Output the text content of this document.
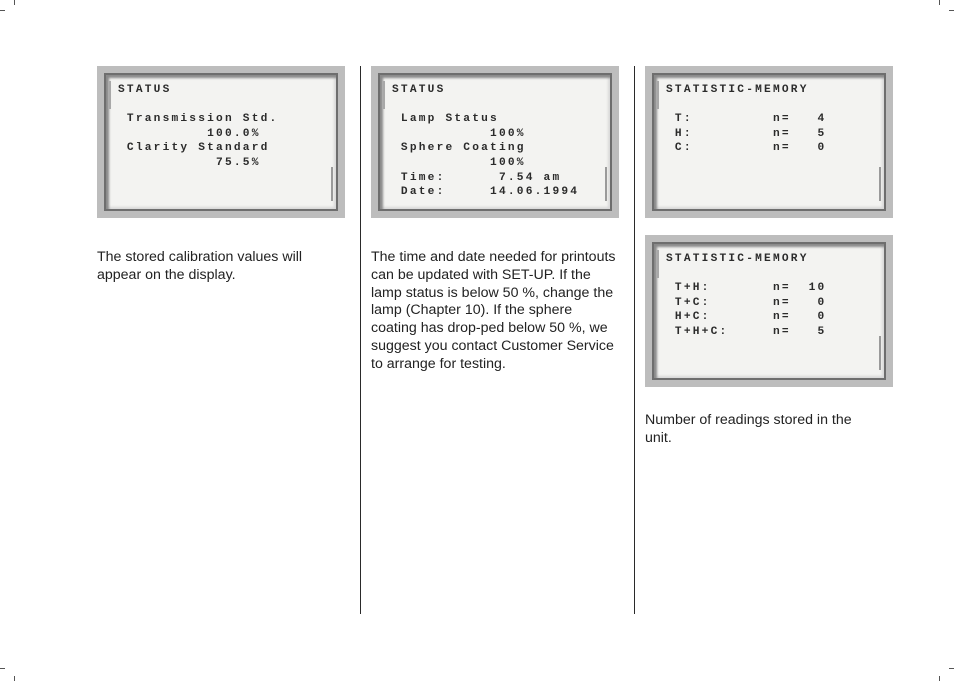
STATUS

Transmission Std.
100.0%
Clarity Standard
75.5%

The stored calibration values will appear on the display.

STATUS

Lamp Status
100%
Sphere Coating
100%
Time:      7.54 am
Date:     14.06.1994

The time and date needed for printouts can be updated with SET-UP. If the lamp status is below 50 %, change the lamp (Chapter 10). If the sphere coating has drop-ped below 50 %, we suggest you contact Customer Service to arrange for testing.

STATISTIC-MEMORY

T:         n=   4
H:         n=   5
C:         n=   0
STATISTIC-MEMORY

T+H:       n=  10
T+C:       n=   0
H+C:       n=   0
T+H+C:     n=   5

Number of readings stored in the unit.
